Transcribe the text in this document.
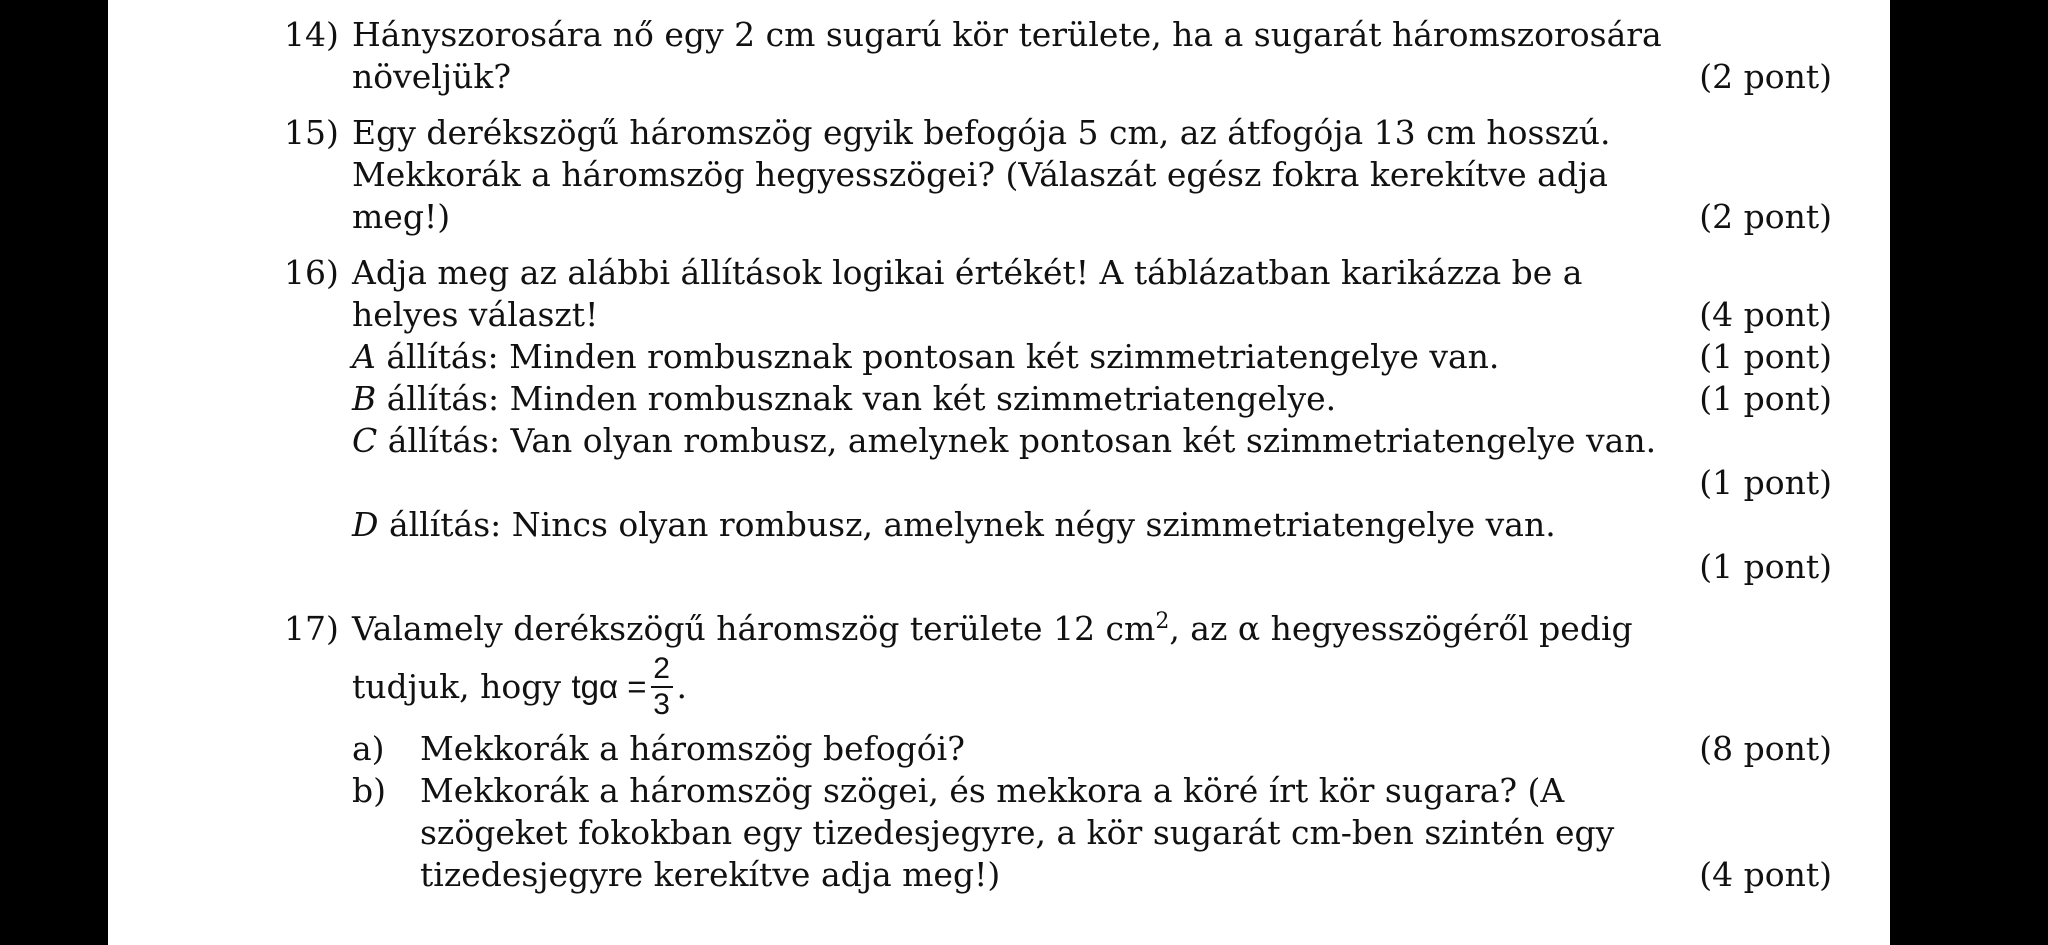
14) Hányszorosára nő egy 2 cm sugarú kör területe, ha a sugarát háromszorosára
növeljük?	(2 pont)
15) Egy derékszögű háromszög egyik befogója 5 cm, az átfogója 13 cm hosszú.
Mekkorák a háromszög hegyesszögei? (Válaszát egész fokra kerekítve adja
meg!)	(2 pont)
16) Adja meg az alábbi állítások logikai értékét! A táblázatban karikázza be a
helyes választ!	(4 pont)
A állítás: Minden rombusznak pontosan két szimmetriatengelye van.	(1 pont)
B állítás: Minden rombusznak van két szimmetriatengelye.	(1 pont)
C állítás: Van olyan rombusz, amelynek pontosan két szimmetriatengelye van.
(1 pont)
D állítás: Nincs olyan rombusz, amelynek négy szimmetriatengelye van.
(1 pont)
17) Valamely derékszögű háromszög területe 12 $cm^2$, az α hegyesszögéről pedig
tudjuk, hogy $tg\alpha = \frac{2}{3}$ .
a) Mekkorák a háromszög befogói?	(8 pont)
b) Mekkorák a háromszög szögei, és mekkora a köré írt kör sugara? (A
szögeket fokokban egy tizedesjegyre, a kör sugarát cm-ben szintén egy
tizedesjegyre kerekítve adja meg!)	(4 pont)
